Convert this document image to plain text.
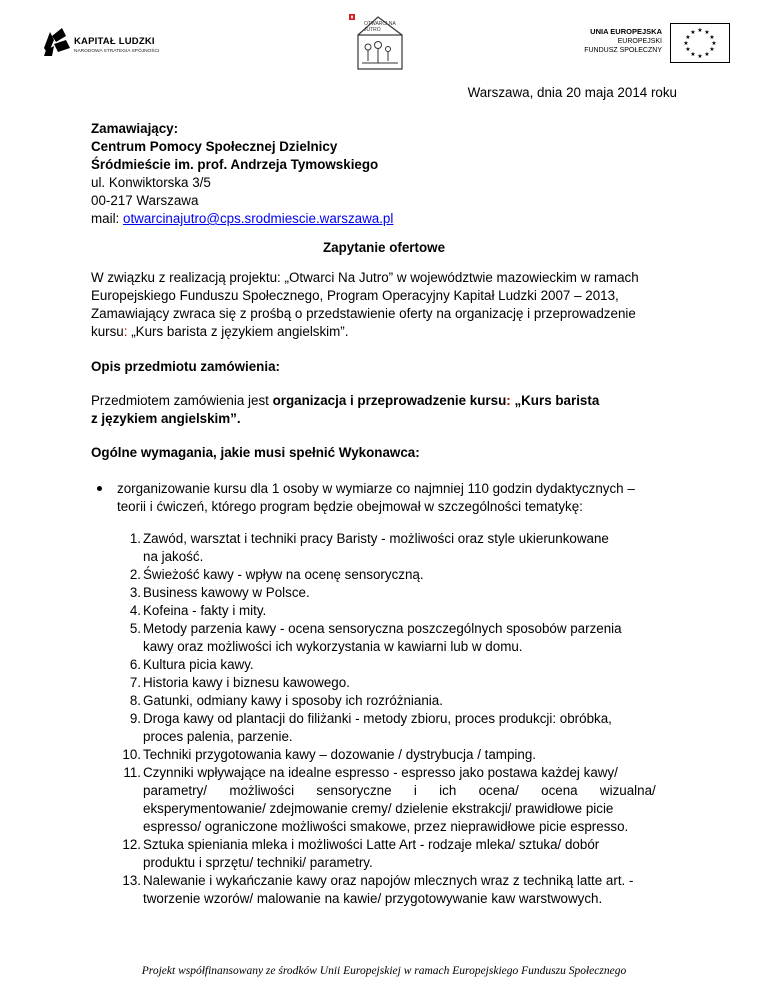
KAPITAŁ LUDZKI
NARODOWA STRATEGIA SPÓJNOŚCI
OTWARCI NA JUTRO	UNIA EUROPEJSKA
EUROPEJSKI
FUNDUSZ SPOŁECZNY
★ ★
★
★
★
★
★
★
★
★
★
★
Warszawa, dnia 20 maja 2014 roku
Zamawiający:
Centrum Pomocy Społecznej Dzielnicy
Śródmieście im. prof. Andrzeja Tymowskiego
ul. Konwiktorska 3/5
00-217 Warszawa
mail: otwarcinajutro@cps.srodmiescie.warszawa.pl
Zapytanie ofertowe
W związku z realizacją projektu: „Otwarci Na Jutro” w województwie mazowieckim w ramach
Europejskiego Funduszu Społecznego, Program Operacyjny Kapitał Ludzki 2007 – 2013,
Zamawiający zwraca się z prośbą o przedstawienie oferty na organizację i przeprowadzenie
kursu: „Kurs barista z językiem angielskim”.
Opis przedmiotu zamówienia:
Przedmiotem zamówienia jest organizacja i przeprowadzenie kursu: „Kurs barista
z językiem angielskim”.
Ogólne wymagania, jakie musi spełnić Wykonawca:
zorganizowanie kursu dla 1 osoby w wymiarze co najmniej 110 godzin dydaktycznych –
teorii i ćwiczeń, którego program będzie obejmował w szczególności tematykę:
1. Zawód, warsztat i techniki pracy Baristy - możliwości oraz style ukierunkowane
na jakość.
2. Świeżość kawy - wpływ na ocenę sensoryczną.
3. Business kawowy w Polsce.
4. Kofeina - fakty i mity.
5. Metody parzenia kawy - ocena sensoryczna poszczególnych sposobów parzenia
kawy oraz możliwości ich wykorzystania w kawiarni lub w domu.
6. Kultura picia kawy.
7. Historia kawy i biznesu kawowego.
8. Gatunki, odmiany kawy i sposoby ich rozróżniania.
9. Droga kawy od plantacji do filiżanki - metody zbioru, proces produkcji: obróbka,
proces palenia, parzenie.
10. Techniki przygotowania kawy – dozowanie / dystrybucja / tamping.
11. Czynniki wpływające na idealne espresso - espresso jako postawa każdej kawy/
parametry/      możliwości      sensoryczne      i      ich      ocena/      ocena      wizualna/
eksperymentowanie/ zdejmowanie cremy/ dzielenie ekstrakcji/ prawidłowe picie
espresso/ ograniczone możliwości smakowe, przez nieprawidłowe picie espresso.
12. Sztuka spieniania mleka i możliwości Latte Art - rodzaje mleka/ sztuka/ dobór
produktu i sprzętu/ techniki/ parametry.
13. Nalewanie i wykańczanie kawy oraz napojów mlecznych wraz z techniką latte art. -
tworzenie wzorów/ malowanie na kawie/ przygotowywanie kaw warstwowych.
Projekt współfinansowany ze środków Unii Europejskiej w ramach Europejskiego Funduszu Społecznego
